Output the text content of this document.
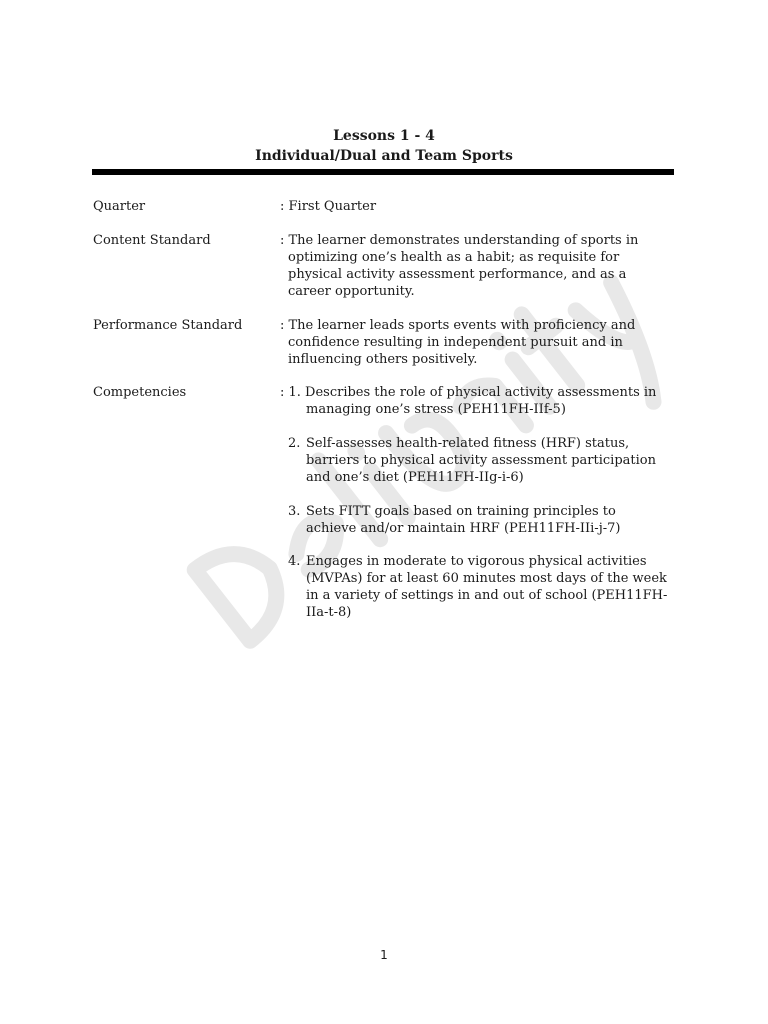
Lessons 1 - 4
Individual/Dual and Team Sports
Quarter	: First Quarter

Content Standard	: The learner demonstrates understanding of sports in

optimizing one’s health as a habit; as requisite for physical activity assessment performance, and as a career opportunity.

Performance Standard	: The learner leads sports events with proficiency and

confidence resulting in independent pursuit and in influencing others positively.

Competencies	: 1. Describes the role of physical activity assessments in
managing one’s stress (PEH11FH-IIf-5)
2. Self-assesses health-related fitness (HRF) status, barriers to physical activity assessment participation and one’s diet (PEH11FH-IIg-i-6)
3. Sets FITT goals based on training principles to achieve and/or maintain HRF (PEH11FH-IIi-j-7)
4. Engages in moderate to vigorous physical activities (MVPAs) for at least 60 minutes most days of the week in a variety of settings in and out of school (PEH11FH-IIa-t-8)
1
